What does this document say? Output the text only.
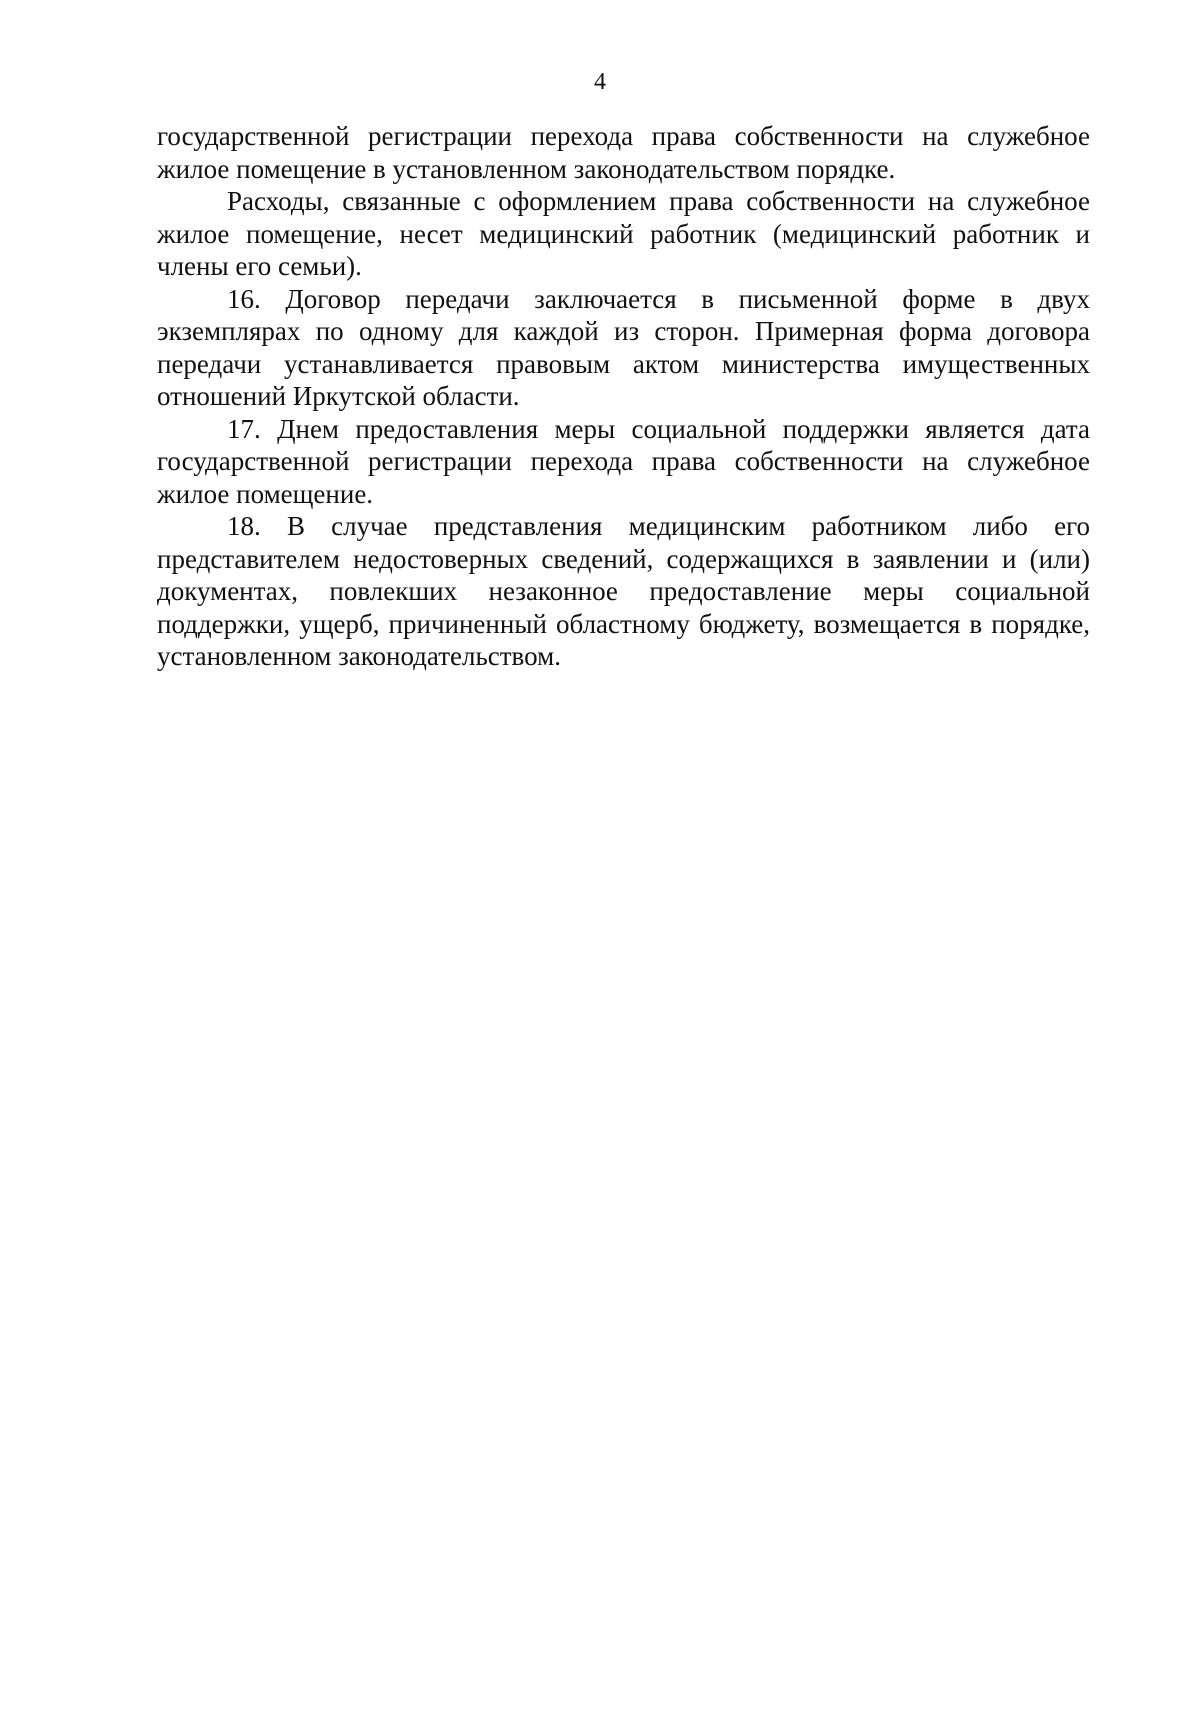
4

государственной регистрации перехода права собственности на служебное жилое помещение в установленном законодательством порядке.

Расходы, связанные с оформлением права собственности на служебное жилое помещение, несет медицинский работник (медицинский работник и члены его семьи).

16. Договор передачи заключается в письменной форме в двух экземплярах по одному для каждой из сторон. Примерная форма договора передачи устанавливается правовым актом министерства имущественных отношений Иркутской области.

17. Днем предоставления меры социальной поддержки является дата государственной регистрации перехода права собственности на служебное жилое помещение.

18. В случае представления медицинским работником либо его представителем недостоверных сведений, содержащихся в заявлении и (или) документах, повлекших незаконное предоставление меры социальной поддержки, ущерб, причиненный областному бюджету, возмещается в порядке, установленном законодательством.
